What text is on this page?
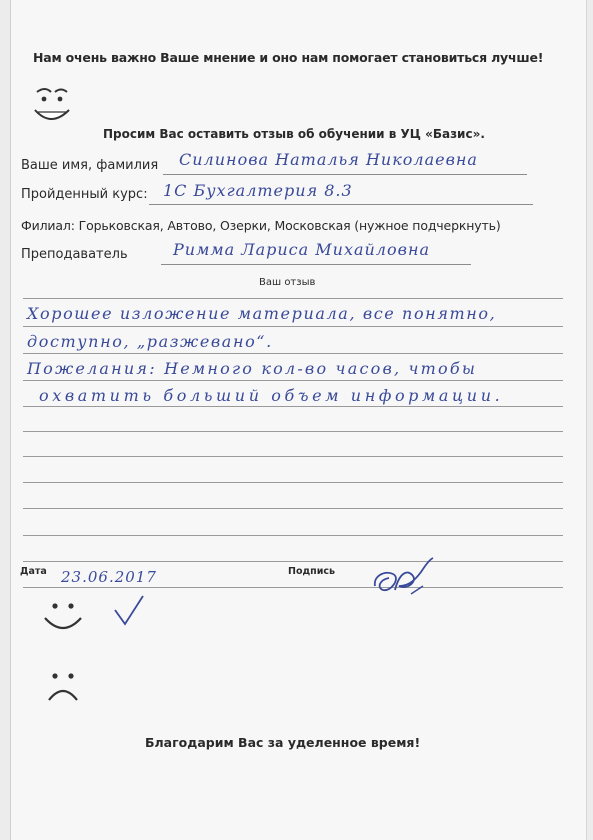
Нам очень важно Ваше мнение и оно нам помогает становиться лучше!
Просим Вас оставить отзыв об обучении в УЦ «Базис».
Ваше имя, фамилия Силинова Наталья Николаевна
Пройденный курс: 1С Бухгалтерия 8.3
Филиал: Горьковская, Автово, Озерки, Московская (нужное подчеркнуть)
Преподаватель	Римма Лариса Михайловна
Ваш отзыв
Хорошее изложение материала, все понятно,
доступно, „разжевано“.
Пожелания: Немного кол-во часов, чтобы
охватить больший объем информации.
Дата 23.06.2017	Подпись
Благодарим Вас за уделенное время!
